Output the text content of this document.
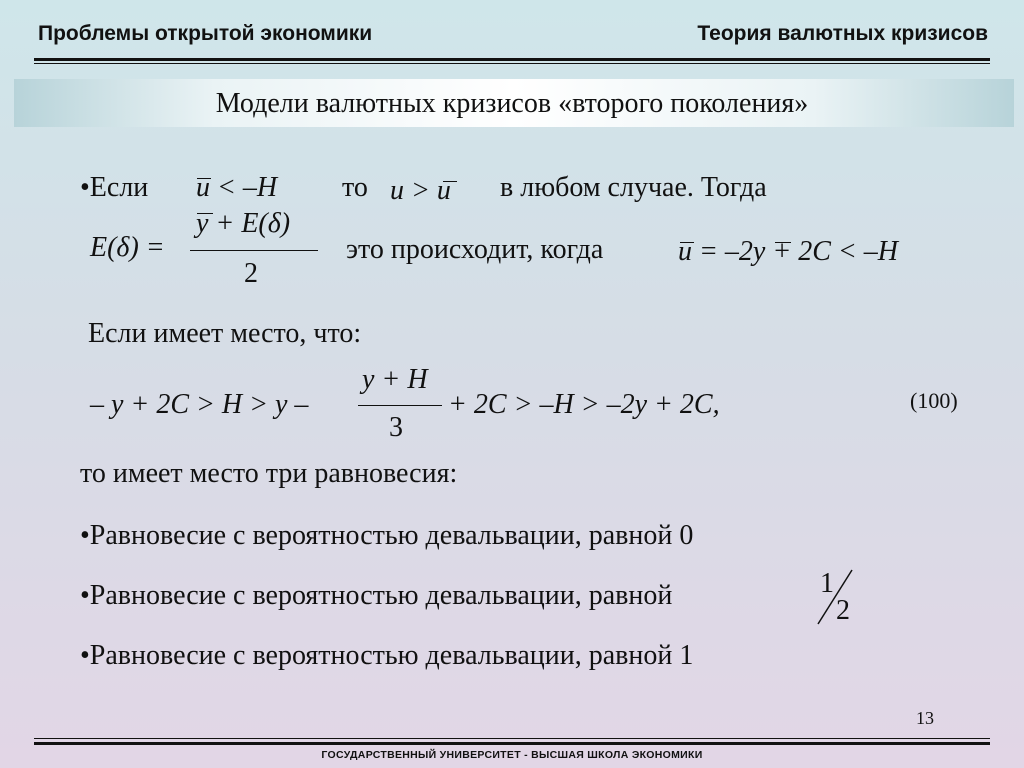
Проблемы открытой экономики	Теория валютных кризисов
Модели валютных кризисов «второго поколения»
•Если u < –H то u > u в любом случае. Тогда
E(δ) =
y + E(δ)
2
это происходит, когда	u = –2y + 2C < –H
Если имеет место, что:
– y + 2C > H > y –
y + H
3
+ 2C > –H > –2y + 2C,	(100)
то имеет место три равновесия:
•Равновесие с вероятностью девальвации, равной 0
•Равновесие с вероятностью девальвации, равной	1
2
•Равновесие с вероятностью девальвации, равной 1
13
ГОСУДАРСТВЕННЫЙ УНИВЕРСИТЕТ - ВЫСШАЯ ШКОЛА ЭКОНОМИКИ
